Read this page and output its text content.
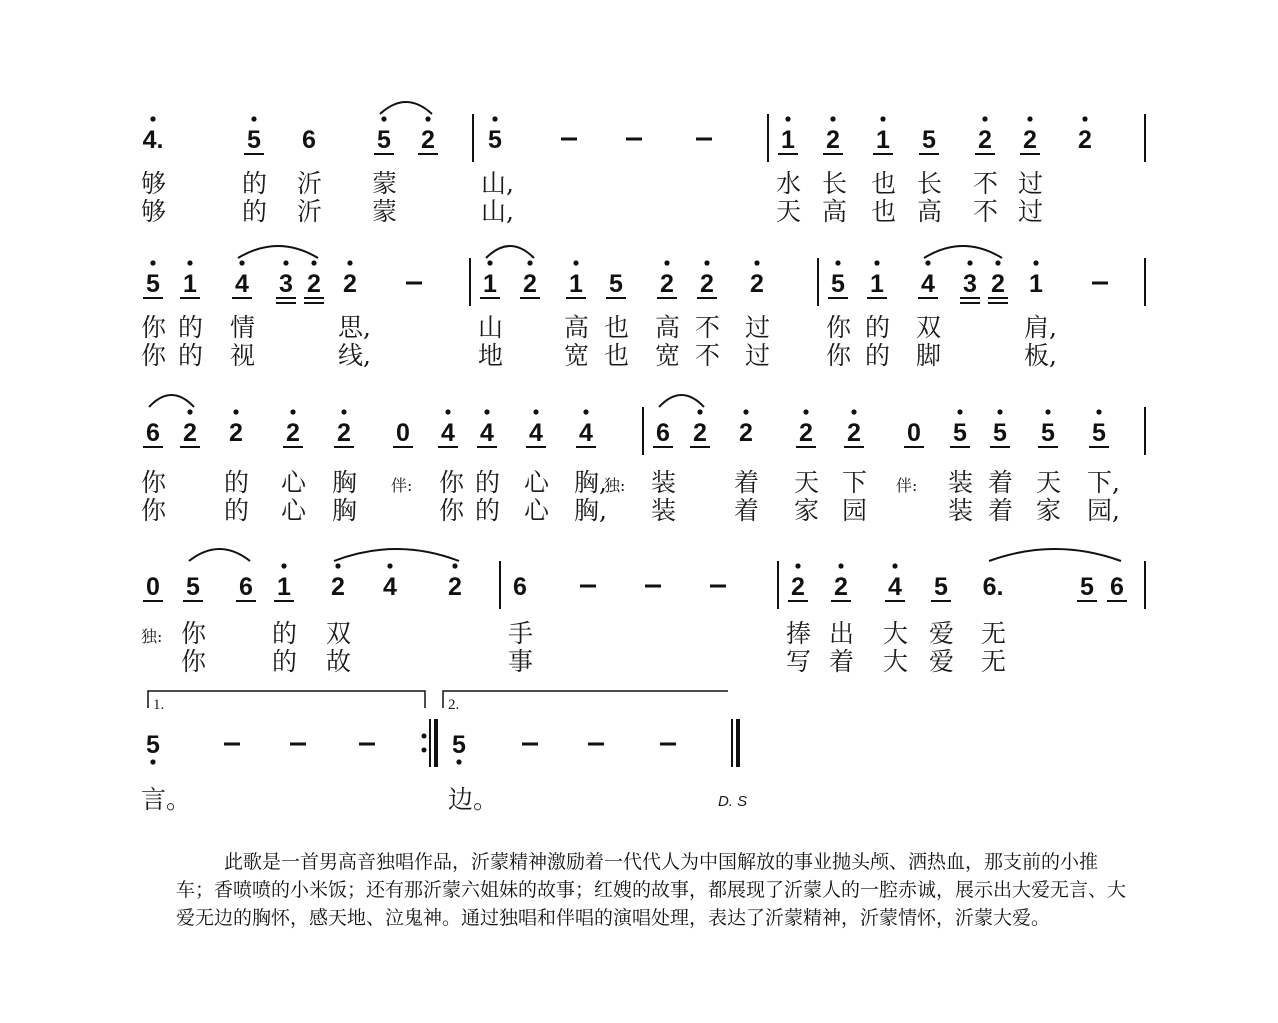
4.	5 6 5 2 5	1 2 1 5 2 2 2
够	的 沂 蒙	山,	水 长 也 长 不 过
够	的 沂 蒙	山,	天 高 也 高 不 过
5 1 4 3 2 2	1 2 1 5 2 2 2	5 1 4 3 2 1
你 的 情	思,	山 高 也 高 不 过 你 的 双	肩,
你 的 视	线,	地 宽 也 宽 不 过 你 的 脚	板,
6 2 2 2 2 0 4 4 4 4	6 2 2 2 2 0 5 5 5 5
你 的 心 胸 伴: 你 的 心 胸,
独: 装 着 天 下 伴: 装 着 天 下,
你 的 心 胸	你 的 心 胸, 装 着 家 园	装 着 家 园,
0 5 6 1 2 4 2 6	2 2 4 5 6.	5 6
独: 你	的 双	手	捧 出 大 爱 无
你	的 故	事	写 着 大 爱 无
5	5
言。	边。
1.	2.
D. S

此歌是一首男高音独唱作品，沂蒙精神激励着一代代人为中国解放的事业抛头颅、洒热血，那支前的小推车；香喷喷的小米饭；还有那沂蒙六姐妹的故事；红嫂的故事，都展现了沂蒙人的一腔赤诚，展示出大爱无言、大爱无边的胸怀，感天地、泣鬼神。通过独唱和伴唱的演唱处理，表达了沂蒙精神，沂蒙情怀，沂蒙大爱。
